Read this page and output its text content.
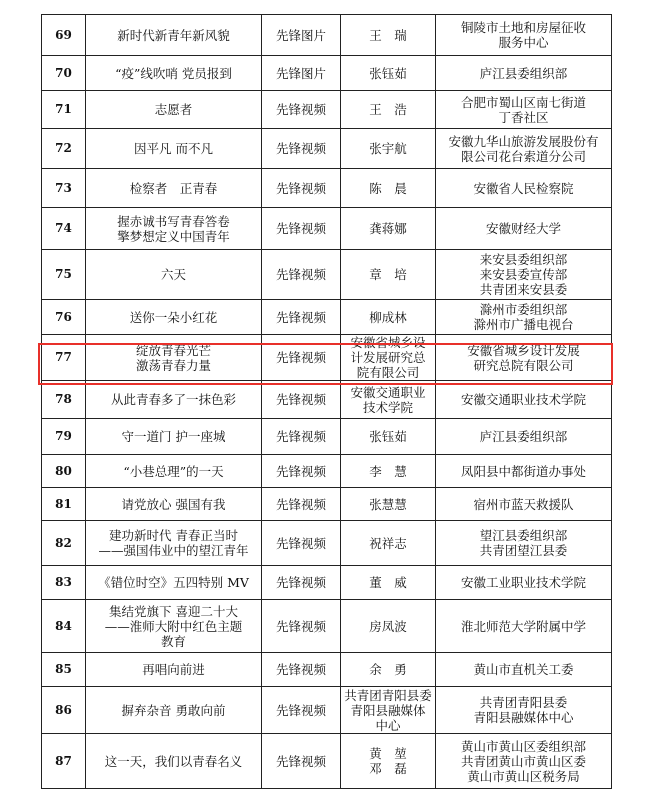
69	新时代新青年新风貌	先锋图片	王　瑞	铜陵市土地和房屋征收
服务中心

70	“疫”线吹哨 党员报到	先锋图片	张钰茹	庐江县委组织部

71	志愿者	先锋视频	王　浩	合肥市蜀山区南七街道
丁香社区

72	因平凡 而不凡	先锋视频	张宇航	安徽九华山旅游发展股份有
限公司花台索道分公司

73	检察者　正青春	先锋视频	陈　晨	安徽省人民检察院

74	握赤诚书写青春答卷
擎梦想定义中国青年	先锋视频	龚蒋娜	安徽财经大学

75	六天	先锋视频	章　培	来安县委组织部
来安县委宣传部
共青团来安县委

76	送你一朵小红花	先锋视频	柳成林	滁州市委组织部
滁州市广播电视台

77	绽放青春光芒
激荡青春力量	先锋视频	安徽省城乡设
计发展研究总
院有限公司	安徽省城乡设计发展
研究总院有限公司

78	从此青春多了一抹色彩	先锋视频	安徽交通职业
技术学院	安徽交通职业技术学院

79	守一道门 护一座城	先锋视频	张钰茹	庐江县委组织部

80	“小巷总理”的一天	先锋视频	李　慧	凤阳县中都街道办事处

81	请党放心 强国有我	先锋视频	张慧慧	宿州市蓝天救援队

82	建功新时代 青春正当时
——强国伟业中的望江青年	先锋视频	祝祥志	望江县委组织部
共青团望江县委

83	《错位时空》五四特别 MV	先锋视频	董　威	安徽工业职业技术学院

84	集结党旗下 喜迎二十大
——淮师大附中红色主题
教育	先锋视频	房凤波	淮北师范大学附属中学

85	再唱向前进	先锋视频	余　勇	黄山市直机关工委

86	摒弃杂音 勇敢向前	先锋视频	共青团青阳县委
青阳县融媒体
中心	共青团青阳县委
青阳县融媒体中心

87	这一天，我们以青春名义	先锋视频	黄　堃
邓　磊	黄山市黄山区委组织部
共青团黄山市黄山区委
黄山市黄山区税务局
